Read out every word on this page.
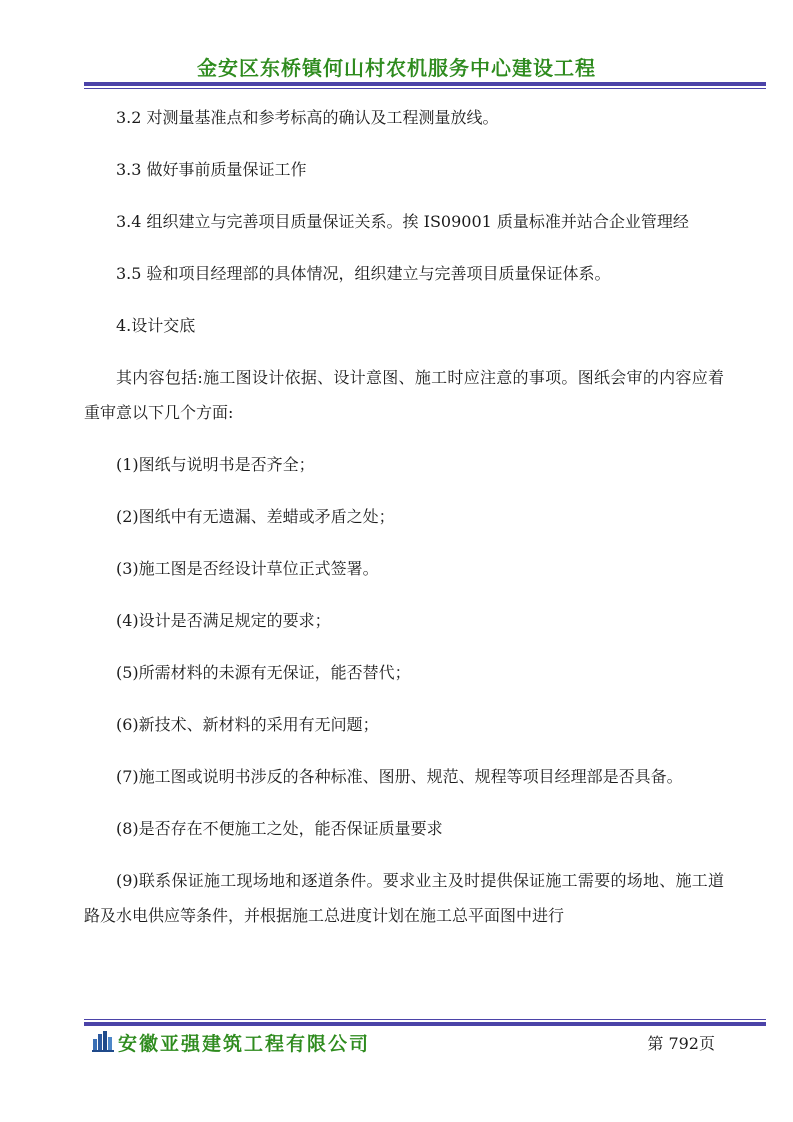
金安区东桥镇何山村农机服务中心建设工程

3.2 对测量基准点和参考标高的确认及工程测量放线。

3.3 做好事前质量保证工作

3.4 组织建立与完善项目质量保证关系。挨 IS09001 质量标准并站合企业管理经

3.5 验和项目经理部的具体情况，组织建立与完善项目质量保证体系。

4.设计交底

其内容包括:施工图设计依据、设计意图、施工时应注意的事项。图纸会审的内容应着重审意以下几个方面:

(1)图纸与说明书是否齐全；

(2)图纸中有无遗漏、差蜡或矛盾之处；

(3)施工图是否经设计草位正式签署。

(4)设计是否满足规定的要求；

(5)所需材料的未源有无保证，能否替代；

(6)新技术、新材料的采用有无问题；

(7)施工图或说明书涉反的各种标准、图册、规范、规程等项目经理部是否具备。

(8)是否存在不便施工之处，能否保证质量要求

(9)联系保证施工现场地和逐道条件。要求业主及时提供保证施工需要的场地、施工道路及水电供应等条件，并根据施工总进度计划在施工总平面图中进行

安徽亚强建筑工程有限公司	第 792页
